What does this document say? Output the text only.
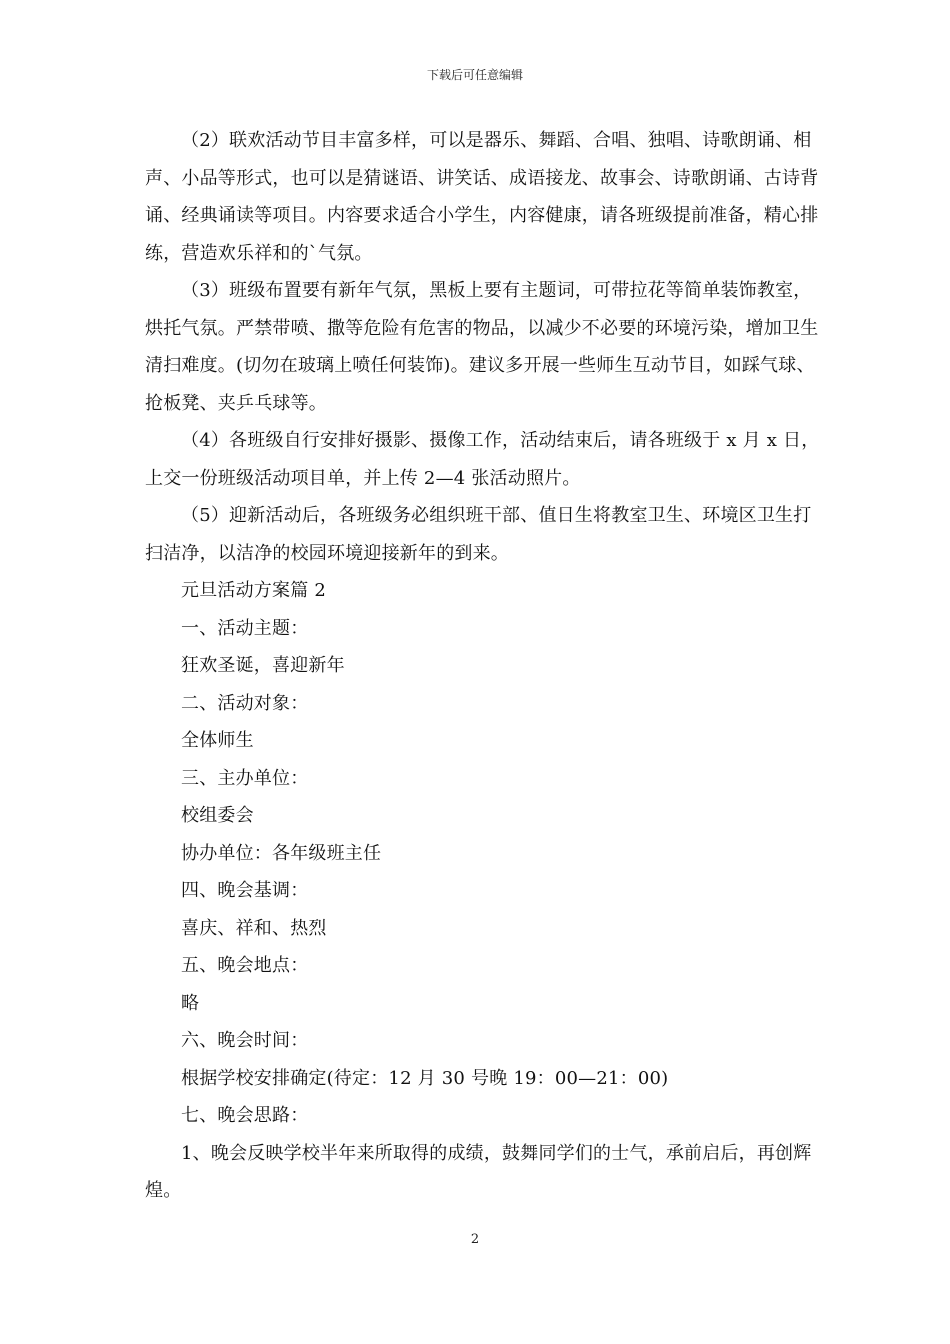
下载后可任意编辑

（2）联欢活动节目丰富多样，可以是器乐、舞蹈、合唱、独唱、诗歌朗诵、相声、小品等形式，也可以是猜谜语、讲笑话、成语接龙、故事会、诗歌朗诵、古诗背诵、经典诵读等项目。内容要求适合小学生，内容健康，请各班级提前准备，精心排练，营造欢乐祥和的`气氛。

（3）班级布置要有新年气氛，黑板上要有主题词，可带拉花等简单装饰教室，烘托气氛。严禁带喷、撒等危险有危害的物品，以减少不必要的环境污染，增加卫生清扫难度。(切勿在玻璃上喷任何装饰)。建议多开展一些师生互动节目，如踩气球、抢板凳、夹乒乓球等。

（4）各班级自行安排好摄影、摄像工作，活动结束后，请各班级于 x 月 x 日，上交一份班级活动项目单，并上传 2—4 张活动照片。

（5）迎新活动后，各班级务必组织班干部、值日生将教室卫生、环境区卫生打扫洁净，以洁净的校园环境迎接新年的到来。

元旦活动方案篇 2

一、活动主题：

狂欢圣诞，喜迎新年

二、活动对象：

全体师生

三、主办单位：

校组委会

协办单位：各年级班主任

四、晚会基调：

喜庆、祥和、热烈

五、晚会地点：

略

六、晚会时间：

根据学校安排确定(待定：12 月 30 号晚 19：00—21：00)

七、晚会思路：

1、晚会反映学校半年来所取得的成绩，鼓舞同学们的士气，承前启后，再创辉煌。

2
